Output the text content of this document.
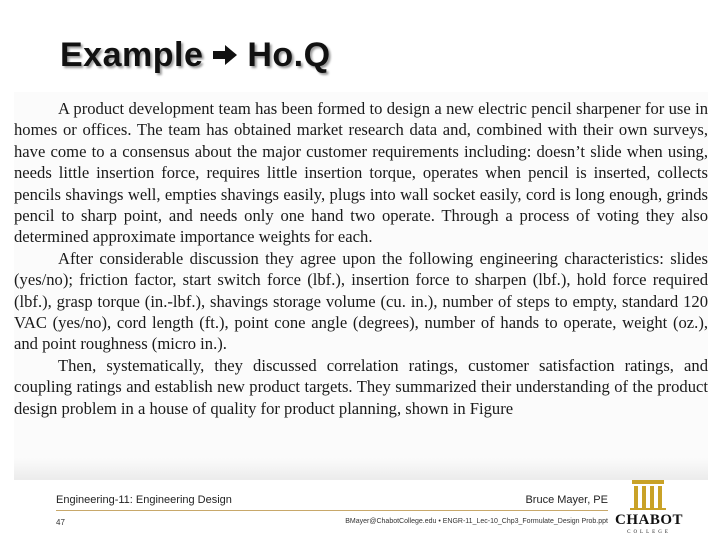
Example Ho.Q

A product development team has been formed to design a new electric pencil sharpener for use in homes or offices. The team has obtained market research data and, combined with their own surveys, have come to a consensus about the major customer requirements including: doesn’t slide when using, needs little insertion force, requires little insertion torque, operates when pencil is inserted, collects pencils shavings well, empties shavings easily, plugs into wall socket easily, cord is long enough, grinds pencil to sharp point, and needs only one hand two operate. Through a process of voting they also determined approximate importance weights for each.

After considerable discussion they agree upon the following engineering characteristics: slides (yes/no); friction factor, start switch force (lbf.), insertion force to sharpen (lbf.), hold force required (lbf.), grasp torque (in.-lbf.), shavings storage volume (cu. in.), number of steps to empty, standard 120 VAC (yes/no), cord length (ft.), point cone angle (degrees), number of hands to operate, weight (oz.), and point roughness (micro in.).

Then, systematically, they discussed correlation ratings, customer satisfaction ratings, and coupling ratings and establish new product targets. They summarized their understanding of the product design problem in a house of quality for product planning, shown in Figure

Engineering-11: Engineering Design	Bruce Mayer, PE
47	BMayer@ChabotCollege.edu • ENGR-11_Lec-10_Chp3_Formulate_Design Prob.ppt CHABOT
COLLEGE
